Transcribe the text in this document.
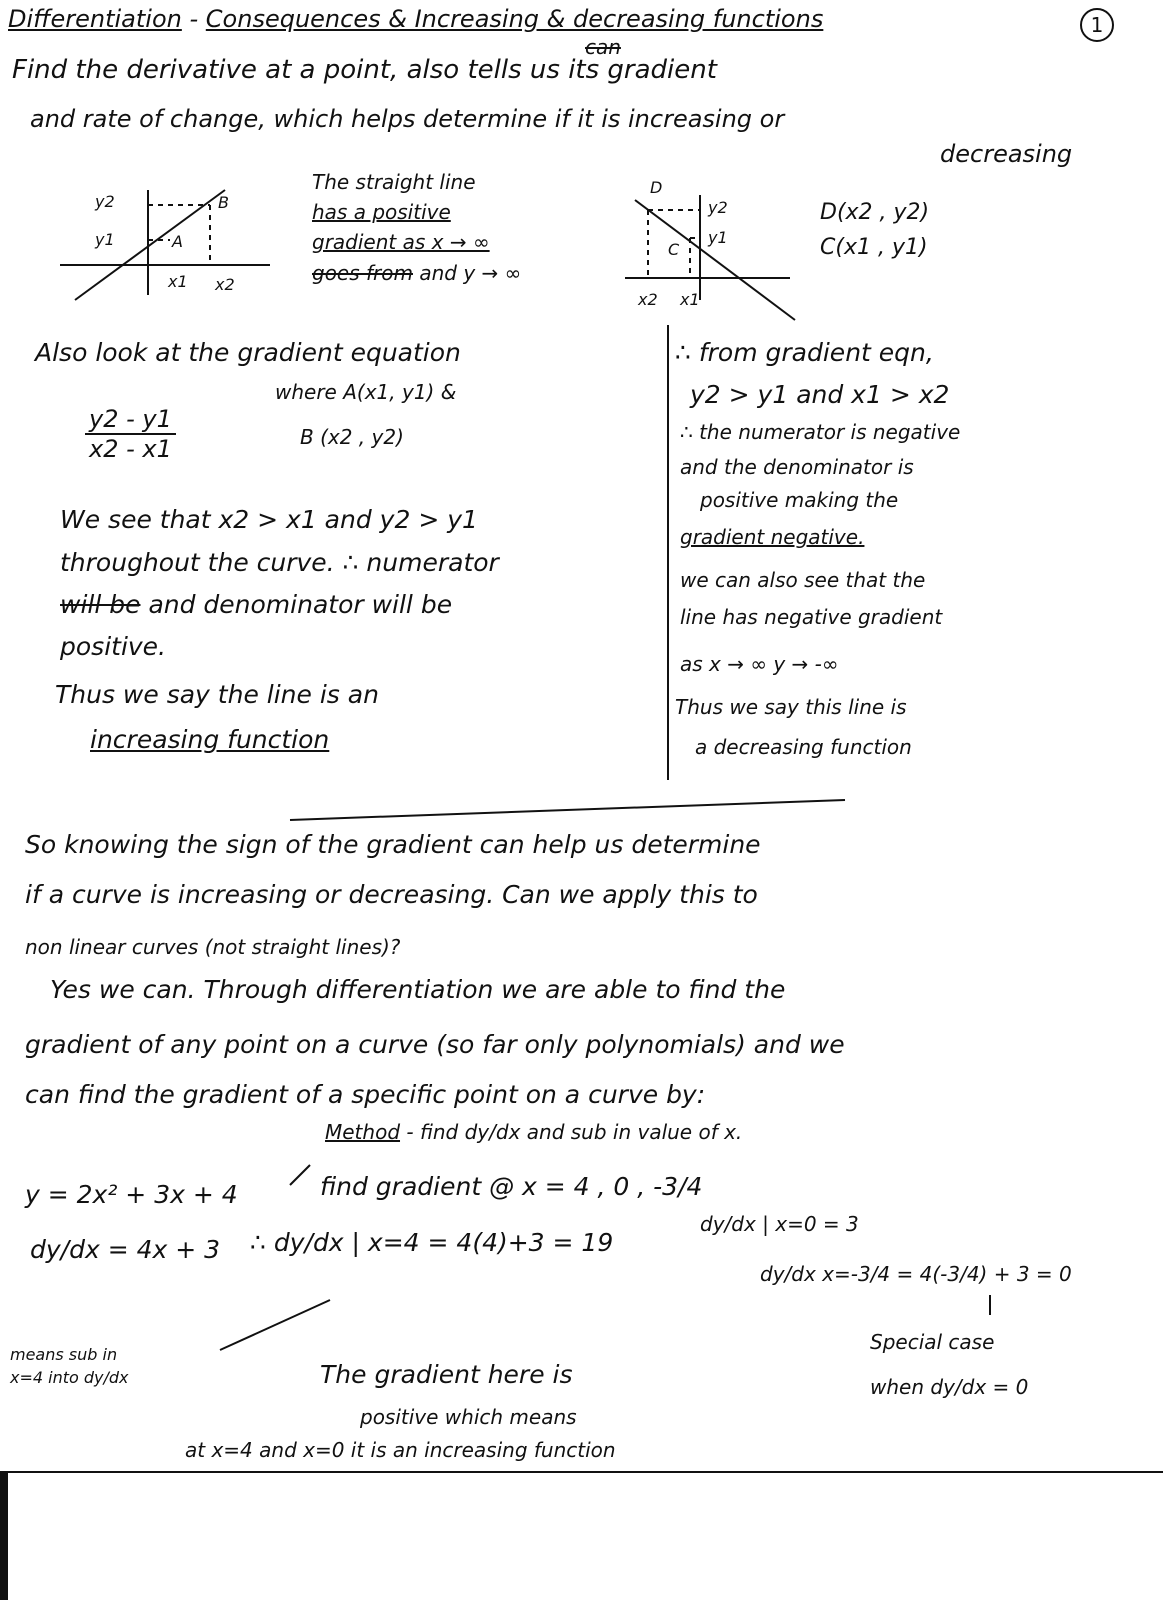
Differentiation - Consequences & Increasing & decreasing functions	1
Find the derivative at a point, also tells us its gradient
can
and rate of change, which helps determine if it is increasing or
decreasing
y2
y1	A
B
x1 x2
The straight line
has a positive
gradient as x → ∞
goes from and y → ∞
D
C
y2
y1
x2 x1
D(x2 , y2)
C(x1 , y1)
Also look at the gradient equation
$\frac{y2 - y1}{x2 - x1}$
where A(x1, y1) &
B (x2 , y2)
We see that x2 > x1 and y2 > y1
throughout the curve. ∴ numerator
will be and denominator will be
positive.
Thus we say the line is an
increasing function
∴ from gradient eqn,
y2 > y1 and x1 > x2
∴ the numerator is negative
and the denominator is
positive making the
gradient negative.
we can also see that the
line has negative gradient
as x → ∞ y → -∞
Thus we say this line is
a decreasing function
So knowing the sign of the gradient can help us determine
if a curve is increasing or decreasing. Can we apply this to
non linear curves (not straight lines)?
Yes we can. Through differentiation we are able to find the
gradient of any point on a curve (so far only polynomials) and we
can find the gradient of a specific point on a curve by:
Method - find dy/dx and sub in value of x.
y = 2x² + 3x + 4	find gradient @ x = 4 , 0 , -3/4
dy/dx = 4x + 3 ∴ dy/dx | x=4 = 4(4)+3 = 19
dy/dx | x=0 = 3
dy/dx x=-3/4 = 4(-3/4) + 3 = 0
means sub in
x=4 into dy/dx	The gradient here is
positive which means
at x=4 and x=0 it is an increasing function
Special case
when dy/dx = 0
